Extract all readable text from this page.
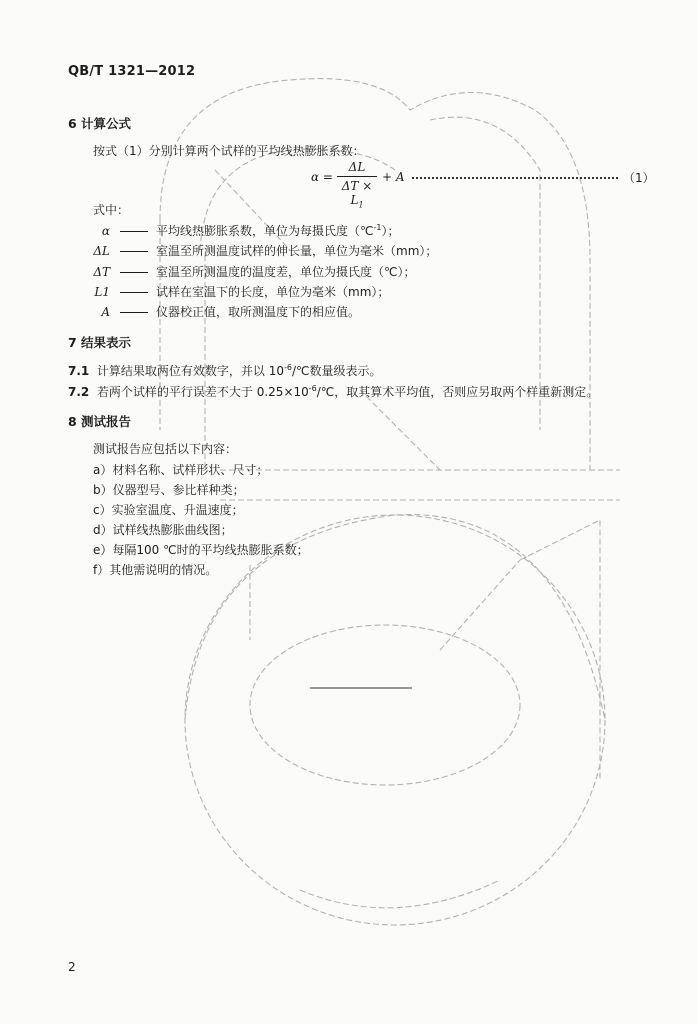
QB/T 1321—2012
6 计算公式
按式（1）分别计算两个试样的平均线热膨胀系数：
α =
ΔL
$\Delta T \times L_1$
+ A	（1）
式中：
α	平均线热膨胀系数，单位为每摄氏度（℃$^{-1}$）；
ΔL	室温至所测温度试样的伸长量，单位为毫米（mm）；
ΔT	室温至所测温度的温度差，单位为摄氏度（℃）；
L1	试样在室温下的长度，单位为毫米（mm）；
A	仪器校正值，取所测温度下的相应值。
7 结果表示
7.1 计算结果取两位有效数字，并以 $10^{-6}/℃$数量级表示。
7.2 若两个试样的平行误差不大于 $0.25\times 10^{-6}/℃$，取其算术平均值，否则应另取两个样重新测定。
8 测试报告
测试报告应包括以下内容：
a）材料名称、试样形状、尺寸；
b）仪器型号、参比样种类；
c）实验室温度、升温速度；
d）试样线热膨胀曲线图；
e）每隔100 ℃时的平均线热膨胀系数；
f）其他需说明的情况。
2
